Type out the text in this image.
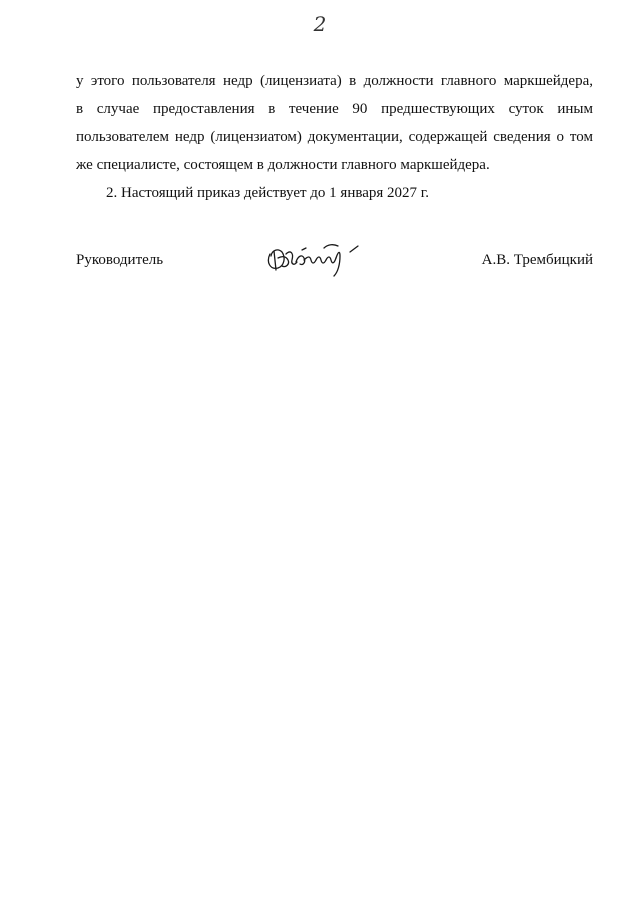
2
у этого пользователя недр (лицензиата) в должности главного маркшейдера,
в случае предоставления в течение 90 предшествующих суток иным
пользователем недр (лицензиатом) документации, содержащей сведения о том
же специалисте, состоящем в должности главного маркшейдера.
2. Настоящий приказ действует до 1 января 2027 г.
Руководитель	А.В. Трембицкий
